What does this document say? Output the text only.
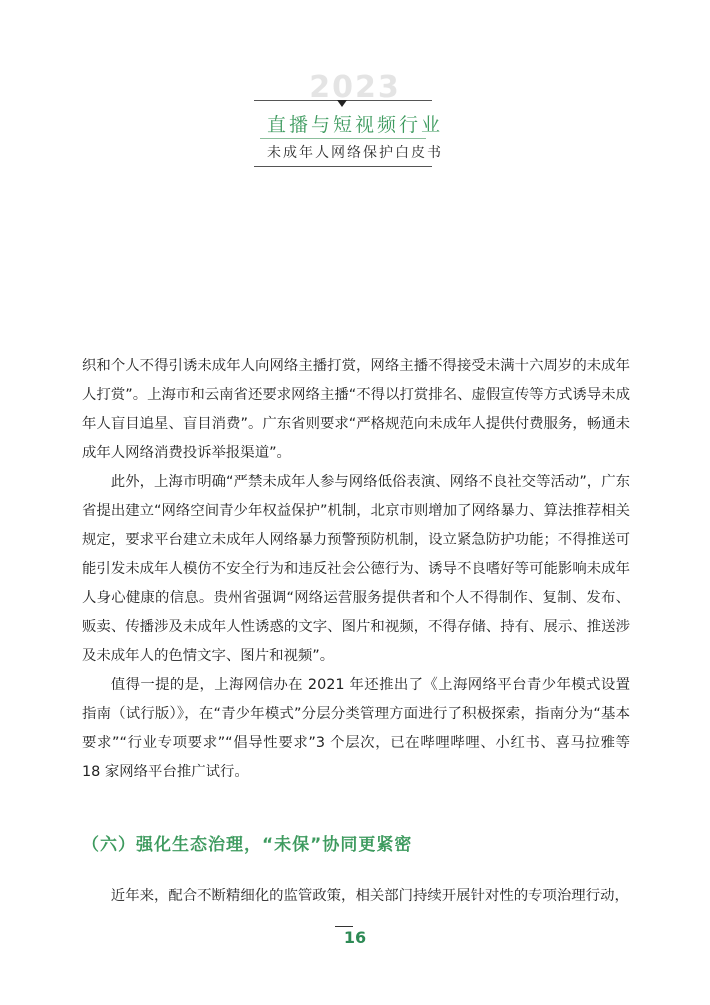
2023
直播与短视频行业
未成年人网络保护白皮书

织和个人不得引诱未成年人向网络主播打赏，网络主播不得接受未满十六周岁的未成年人打赏”。上海市和云南省还要求网络主播“不得以打赏排名、虚假宣传等方式诱导未成年人盲目追星、盲目消费”。广东省则要求“严格规范向未成年人提供付费服务，畅通未成年人网络消费投诉举报渠道”。

此外，上海市明确“严禁未成年人参与网络低俗表演、网络不良社交等活动”，广东省提出建立“网络空间青少年权益保护”机制，北京市则增加了网络暴力、算法推荐相关规定，要求平台建立未成年人网络暴力预警预防机制，设立紧急防护功能；不得推送可能引发未成年人模仿不安全行为和违反社会公德行为、诱导不良嗜好等可能影响未成年人身心健康的信息。贵州省强调“网络运营服务提供者和个人不得制作、复制、发布、贩卖、传播涉及未成年人性诱惑的文字、图片和视频，不得存储、持有、展示、推送涉及未成年人的色情文字、图片和视频”。

值得一提的是，上海网信办在 2021 年还推出了《上海网络平台青少年模式设置指南（试行版）》，在“青少年模式”分层分类管理方面进行了积极探索，指南分为“基本要求”“行业专项要求”“倡导性要求”3 个层次，已在哔哩哔哩、小红书、喜马拉雅等 18 家网络平台推广试行。

（六）强化生态治理，“未保”协同更紧密

近年来，配合不断精细化的监管政策，相关部门持续开展针对性的专项治理行动，

16
